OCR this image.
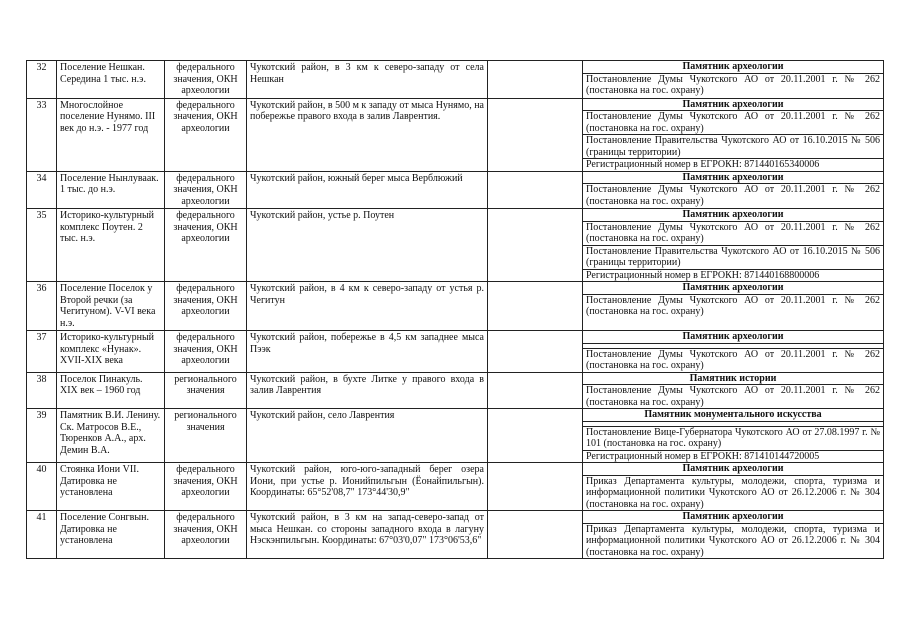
32	Поселение Нешкан. Середина 1 тыс. н.э.	федерального значения, ОКН археологии	Чукотский район, в 3 км к северо-западу от села Нешкан		Памятник археологии
Постановление Думы Чукотского АО от 20.11.2001 г. № 262 (постановка на гос. охрану)

33	Многослойное поселение Нунямо. III век до н.э. - 1977 год	федерального значения, ОКН археологии	Чукотский район, в 500 м к западу от мыса Нунямо, на побережье правого входа в залив Лаврентия.		Памятник археологии
Постановление Думы Чукотского АО от 20.11.2001 г. № 262 (постановка на гос. охрану)
Постановление Правительства Чукотского АО от 16.10.2015 № 506 (границы территории)
Регистрационный номер в ЕГРОКН: 871440165340006

34	Поселение Нынлуваак. 1 тыс. до н.э.	федерального значения, ОКН археологии	Чукотский район, южный берег мыса Верблюжий		Памятник археологии
Постановление Думы Чукотского АО от 20.11.2001 г. № 262 (постановка на гос. охрану)

35	Историко-культурный комплекс Поутен. 2 тыс. н.э.	федерального значения, ОКН археологии	Чукотский район, устье р. Поутен		Памятник археологии
Постановление Думы Чукотского АО от 20.11.2001 г. № 262 (постановка на гос. охрану)
Постановление Правительства Чукотского АО от 16.10.2015 № 506 (границы территории)
Регистрационный номер в ЕГРОКН: 871440168800006

36	Поселение Поселок у Второй речки (за Чегитуном). V-VI века н.э.	федерального значения, ОКН археологии	Чукотский район, в 4 км к северо-западу от устья р. Чегитун		Памятник археологии
Постановление Думы Чукотского АО от 20.11.2001 г. № 262 (постановка на гос. охрану)

37	Историко-культурный комплекс «Нунак». XVII-XIX века	федерального значения, ОКН археологии	Чукотский район, побережье в 4,5 км западнее мыса Пээк		Памятник археологии
Постановление Думы Чукотского АО от 20.11.2001 г. № 262 (постановка на гос. охрану)

38	Поселок Пинакуль. XIX век – 1960 год	регионального значения	Чукотский район, в бухте Литке у правого входа в залив Лаврентия		Памятник истории
Постановление Думы Чукотского АО от 20.11.2001 г. № 262 (постановка на гос. охрану)

39	Памятник В.И. Ленину. Ск. Матросов В.Е., Тюренков А.А., арх. Демин В.А.	регионального значения	Чукотский район, село Лаврентия		Памятник монументального искусства
Постановление Вице-Губернатора Чукотского АО от 27.08.1997 г. № 101 (постановка на гос. охрану)
Регистрационный номер в ЕГРОКН: 871410144720005

40	Стоянка Иони VII. Датировка не установлена	федерального значения, ОКН археологии	Чукотский район, юго-юго-западный берег озера Иони, при устье р. Ионийпильгын (Ёонайпильгын). Координаты: 65°52'08,7" 173°44'30,9"		Памятник археологии
Приказ Департамента культуры, молодежи, спорта, туризма и информационной политики Чукотского АО от 26.12.2006 г. № 304 (постановка на гос. охрану)

41	Поселение Сонгвын. Датировка не установлена	федерального значения, ОКН археологии	Чукотский район, в 3 км на запад-северо-запад от мыса Нешкан. со стороны западного входа в лагуну Нэскэнпильгын. Координаты: 67°03'0,07" 173°06'53,6"		Памятник археологии
Приказ Департамента культуры, молодежи, спорта, туризма и информационной политики Чукотского АО от 26.12.2006 г. № 304 (постановка на гос. охрану)
